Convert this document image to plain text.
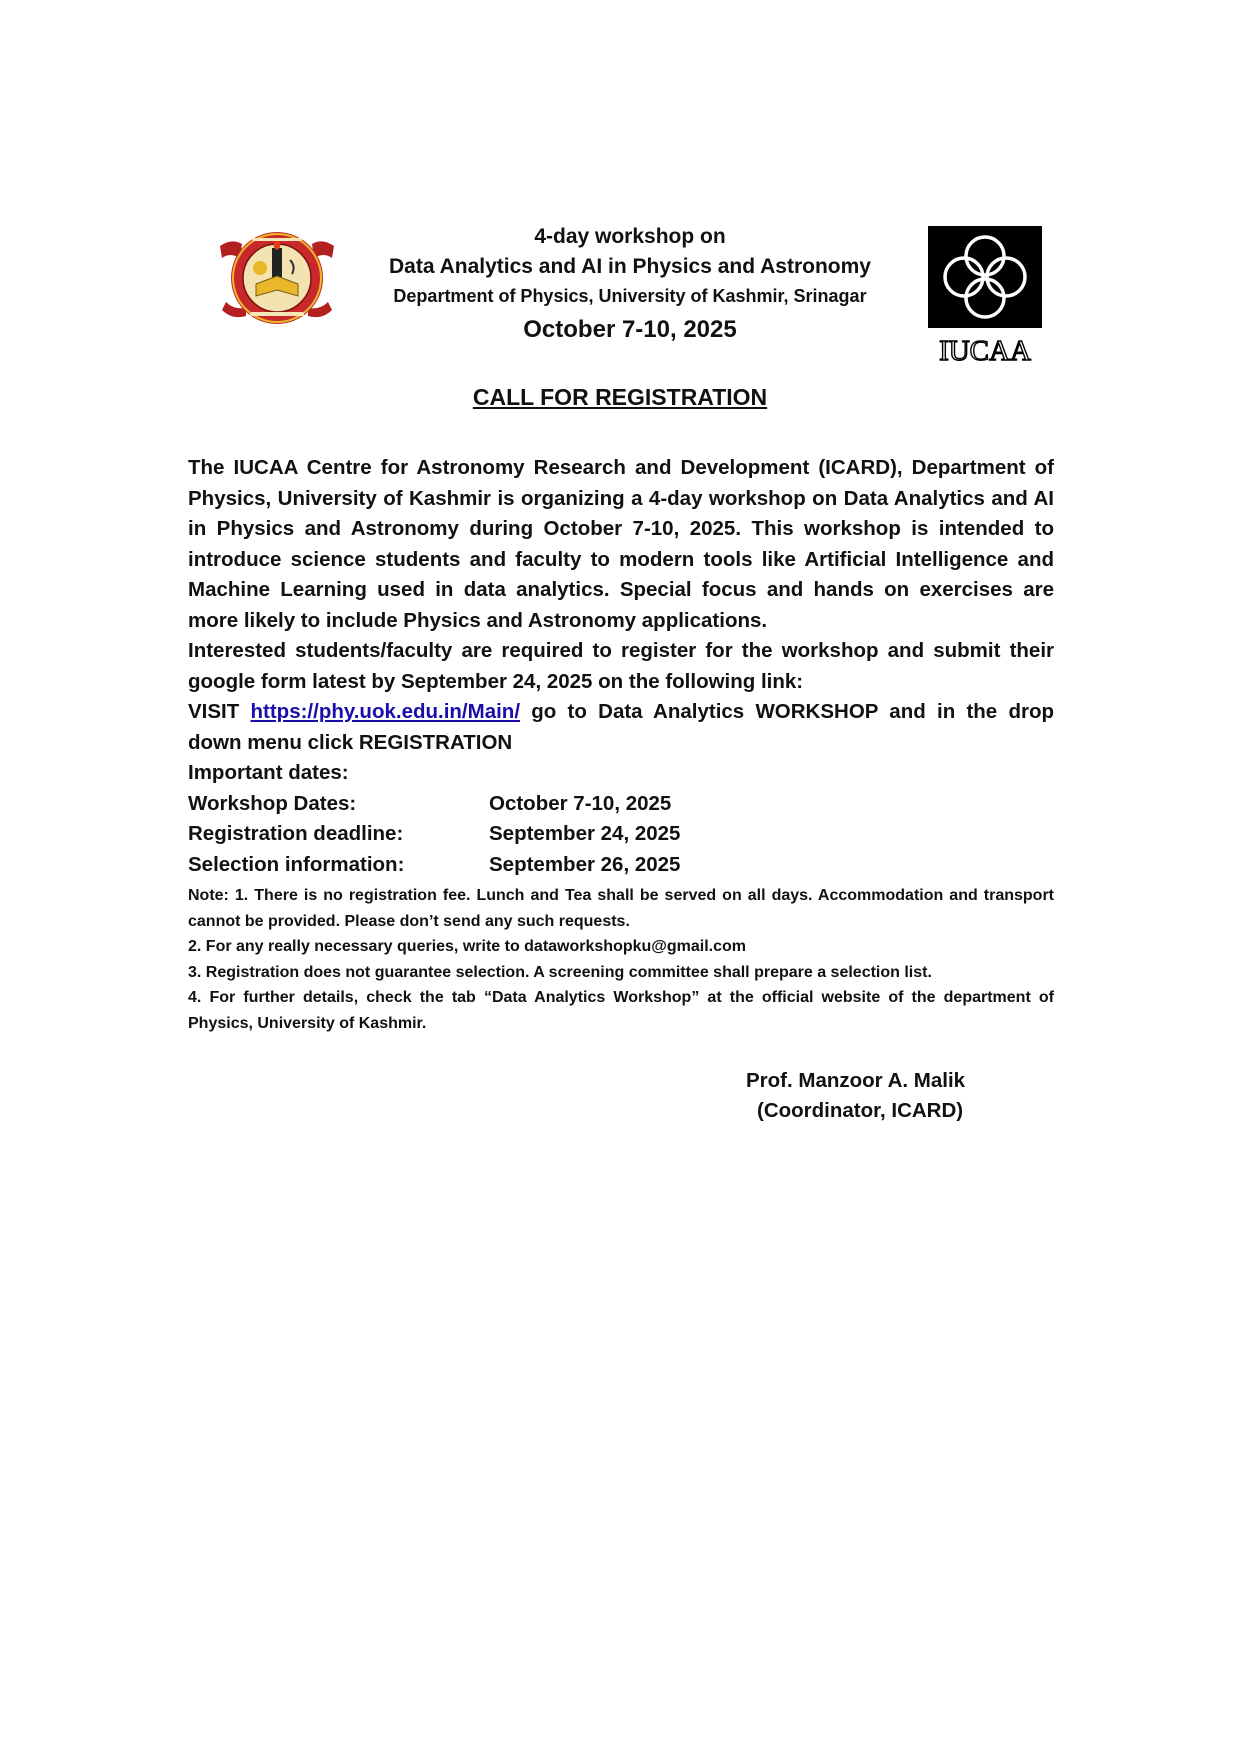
4-day workshop on
Data Analytics and AI in Physics and Astronomy
Department of Physics, University of Kashmir, Srinagar
October 7-10, 2025
IUCAA
CALL FOR REGISTRATION

The IUCAA Centre for Astronomy Research and Development (ICARD), Department of Physics, University of Kashmir is organizing a 4-day workshop on Data Analytics and AI in Physics and Astronomy during October 7-10, 2025. This workshop is intended to introduce science students and faculty to modern tools like Artificial Intelligence and Machine Learning used in data analytics. Special focus and hands on exercises are more likely to include Physics and Astronomy applications.

Interested students/faculty are required to register for the workshop and submit their google form latest by September 24, 2025 on the following link:

VISIT https://phy.uok.edu.in/Main/ go to Data Analytics WORKSHOP and in the drop down menu click REGISTRATION

Important dates:
Workshop Dates:	October 7-10, 2025
Registration deadline:	September 24, 2025
Selection information:	September 26, 2025

Note: 1. There is no registration fee. Lunch and Tea shall be served on all days. Accommodation and transport cannot be provided. Please don’t send any such requests.

2. For any really necessary queries, write to dataworkshopku@gmail.com

3. Registration does not guarantee selection. A screening committee shall prepare a selection list.

4. For further details, check the tab “Data Analytics Workshop” at the official website of the department of Physics, University of Kashmir.

Prof. Manzoor A. Malik
(Coordinator, ICARD)
